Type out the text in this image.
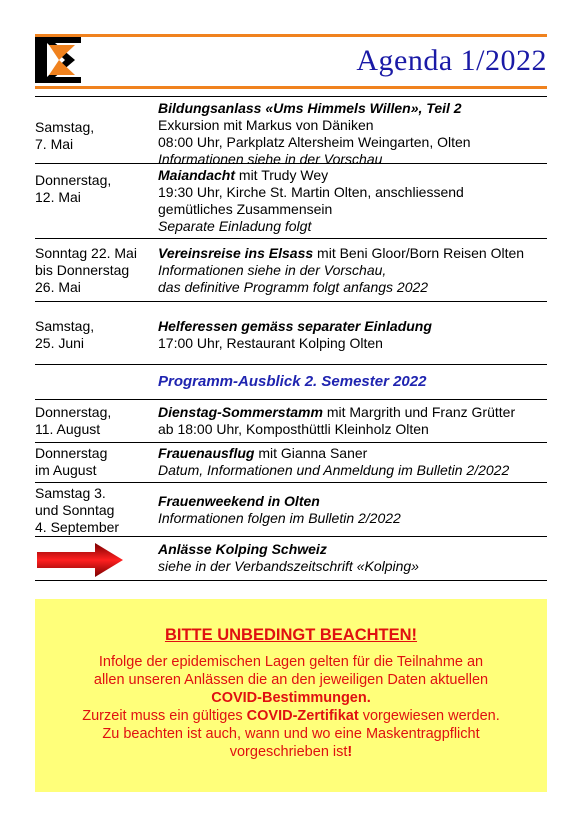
Agenda 1/2022
Samstag,
7. Mai
Bildungsanlass «Ums Himmels Willen», Teil 2
Exkursion mit Markus von Däniken
08:00 Uhr, Parkplatz Altersheim Weingarten, Olten
Informationen siehe in der Vorschau
Donnerstag,
12. Mai
Maiandacht mit Trudy Wey
19:30 Uhr, Kirche St. Martin Olten, anschliessend
gemütliches Zusammensein
Separate Einladung folgt
Sonntag 22. Mai
bis Donnerstag
26. Mai
Vereinsreise ins Elsass mit Beni Gloor/Born Reisen Olten
Informationen siehe in der Vorschau,
das definitive Programm folgt anfangs 2022
Samstag,
25. Juni
Helferessen gemäss separater Einladung
17:00 Uhr, Restaurant Kolping Olten
Programm-Ausblick 2. Semester 2022
Donnerstag,
11. August
Dienstag-Sommerstamm mit Margrith und Franz Grütter
ab 18:00 Uhr, Komposthüttli Kleinholz Olten
Donnerstag
im August
Frauenausflug mit Gianna Saner
Datum, Informationen und Anmeldung im Bulletin 2/2022
Samstag 3.
und Sonntag
4. September
Frauenweekend in Olten
Informationen folgen im Bulletin 2/2022
Anlässe Kolping Schweiz
siehe in der Verbandszeitschrift «Kolping»
BITTE UNBEDINGT BEACHTEN!
Infolge der epidemischen Lagen gelten für die Teilnahme an
allen unseren Anlässen die an den jeweiligen Daten aktuellen
COVID-Bestimmungen.
Zurzeit muss ein gültiges COVID-Zertifikat vorgewiesen werden.
Zu beachten ist auch, wann und wo eine Maskentragpflicht
vorgeschrieben ist!
